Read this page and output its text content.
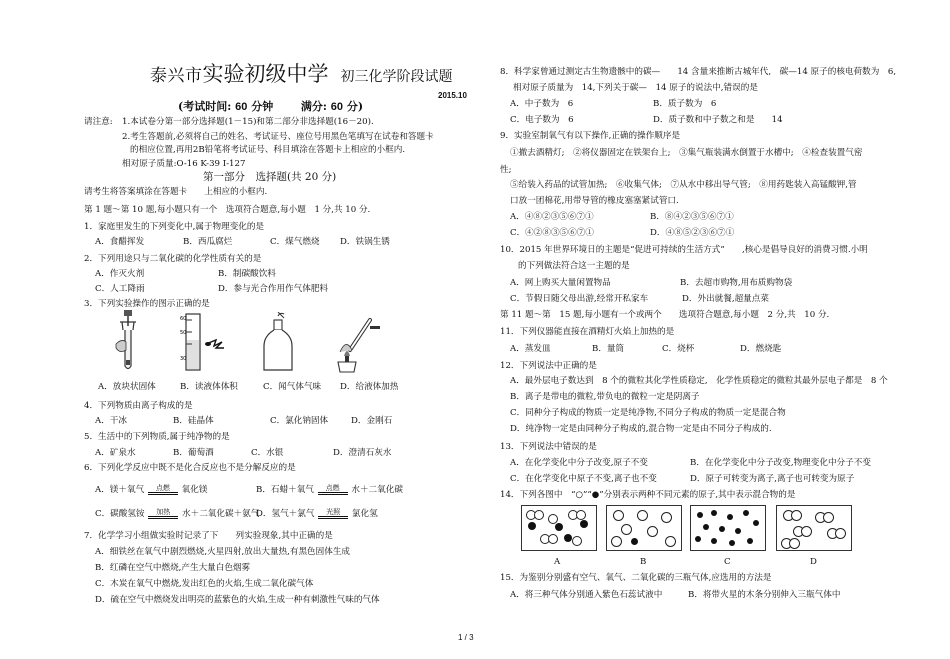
泰兴市实验初级中学 初三化学阶段试题
2015.10
(考试时间: 60 分钟	满分: 60 分)
请注意: 1.本试卷分第一部分选择题(1－15)和第二部分非选择题(16－20).
2.考生答题前,必须将自己的姓名、考试证号、座位号用黑色笔填写在试卷和答题卡
的相应位置,再用2B铅笔将考试证号、科目填涂在答题卡上相应的小框内.
相对原子质量:O-16 K-39 I-127
第一部分　选择题(共 20 分)
请考生将答案填涂在答题卡　　上相应的小框内.
第 1 题～第 10 题,每小题只有一个　选项符合题意,每小题　1 分,共 10 分.
1．家庭里发生的下列变化中,属于物理变化的是
A．食醋挥发	B．西瓜腐烂	C．煤气燃烧 D．铁锅生锈
2．下列用途只与二氧化碳的化学性质有关的是
A．作灭火剂	B．制碳酸饮料
C．人工降雨	D．参与光合作用作气体肥料
3．下列实验操作的图示正确的是
60
50
30
A．放块状固体	B．读液体体积	C．闻气体气味 D．给液体加热
4．下列物质由离子构成的是
A．干冰	B．硅晶体	C．氯化钠固体	D．金刚石
5．生活中的下列物质,属于纯净物的是
A．矿泉水	B．葡萄酒	C．水银	D．澄清石灰水
6．下列化学反应中既不是化合反应也不是分解反应的是
A．镁＋氧气 点燃 氧化镁	B．石蜡＋氧气 点燃 水＋二氧化碳
C．碳酸氢铵 加热 水＋二氧化碳＋氨气
D．氢气＋氯气 光照 氯化氢
7．化学学习小组做实验时记录了下　　列实验现象,其中正确的是
A．细铁丝在氧气中剧烈燃烧,火星四射,放出大量热,有黑色固体生成
B．红磷在空气中燃烧,产生大量白色烟雾
C．木炭在氧气中燃烧,发出红色的火焰,生成二氧化碳气体
D．硫在空气中燃烧发出明亮的蓝紫色的火焰,生成一种有刺激性气味的气体
8．科学家曾通过测定古生物遗骸中的碳—　　14 含量来推断古城年代,　碳—14 原子的核电荷数为　6,
相对原子质量为　14,下列关于碳—　14 原子的说法中,错误的是
A．中子数为　6	B．质子数为　6
C．电子数为　6	D．质子数和中子数之和是　　14
9．实验室制氧气有以下操作,正确的操作顺序是
①撤去酒精灯;　②将仪器固定在铁架台上;　③集气瓶装满水倒置于水槽中;　④检查装置气密
性;
⑤给装入药品的试管加热;　⑥收集气体;　⑦从水中移出导气管;　⑧用药匙装入高锰酸钾,管
口放一团棉花,用带导管的橡皮塞塞紧试管口.
A．④⑧②③⑤⑥⑦①	B．⑧④②③⑤⑥⑦①
C．④②⑧③⑤⑥⑦①	D．④⑧⑤②③⑥⑦①
10．2015 年世界环境日的主题是“促进可持续的生活方式”　　,核心是倡导良好的消费习惯.小明
的下列做法符合这一主题的是
A．网上购买大量闲置物品	B．去超市购物,用布质购物袋
C．节假日随父母出游,经常开私家车	D．外出就餐,超量点菜
第 11 题～第　15 题,每小题有一个或两个　　选项符合题意,每小题　2 分,共　10 分.
11．下列仪器能直接在酒精灯火焰上加热的是
A．蒸发皿	B．量筒	C．烧杯	D．燃烧匙
12．下列说法中正确的是
A．最外层电子数达到　8 个的微粒其化学性质稳定,　化学性质稳定的微粒其最外层电子都是　8 个
B．离子是带电的微粒,带负电的微粒一定是阴离子
C．同种分子构成的物质一定是纯净物,不同分子构成的物质一定是混合物
D．纯净物一定是由同种分子构成的,混合物一定是由不同分子构成的.
13．下列说法中错误的是
A．在化学变化中分子改变,原子不变	B．在化学变化中分子改变,物理变化中分子不变
C．在化学变化中原子不变,离子也不变	D．原子可转变为离子,离子也可转变为原子
14．下列各图中　“○”“●”分别表示两种不同元素的原子,其中表示混合物的是
A	B	C	D
15．为鉴别分别盛有空气、氧气、二氧化碳的三瓶气体,应选用的方法是
A．将三种气体分别通入紫色石蕊试液中	B．将带火星的木条分别伸入三瓶气体中
1 / 3
